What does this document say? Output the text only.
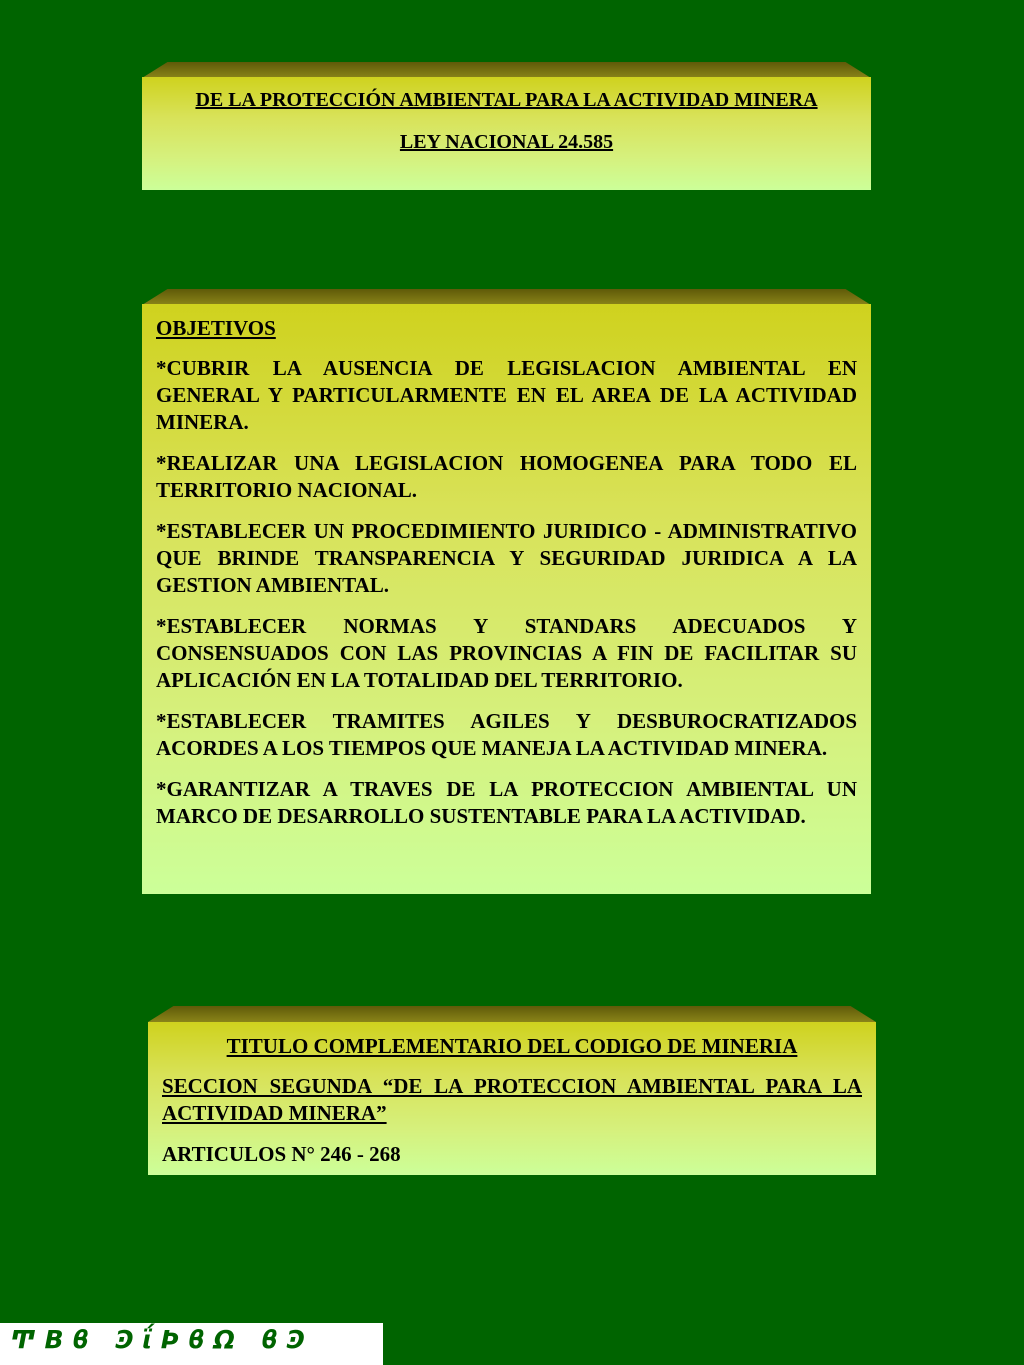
DE LA PROTECCIÓN AMBIENTAL PARA LA ACTIVIDAD MINERA

LEY NACIONAL 24.585

OBJETIVOS

*CUBRIR LA AUSENCIA DE LEGISLACION AMBIENTAL EN GENERAL Y PARTICULARMENTE EN EL AREA DE LA ACTIVIDAD MINERA.

*REALIZAR UNA LEGISLACION HOMOGENEA PARA TODO EL TERRITORIO NACIONAL.

*ESTABLECER UN PROCEDIMIENTO JURIDICO - ADMINISTRATIVO QUE BRINDE TRANSPARENCIA Y SEGURIDAD JURIDICA A LA GESTION AMBIENTAL.

*ESTABLECER NORMAS Y STANDARS ADECUADOS Y CONSENSUADOS CON LAS PROVINCIAS A FIN DE FACILITAR SU APLICACIÓN EN LA TOTALIDAD DEL TERRITORIO.

*ESTABLECER TRAMITES AGILES Y DESBUROCRATIZADOS ACORDES A LOS TIEMPOS QUE MANEJA LA ACTIVIDAD MINERA.

*GARANTIZAR A TRAVES DE LA PROTECCION AMBIENTAL UN MARCO DE DESARROLLO SUSTENTABLE PARA LA ACTIVIDAD.

TITULO COMPLEMENTARIO DEL CODIGO DE MINERIA

SECCION SEGUNDA “DE LA PROTECCION AMBIENTAL PARA LA ACTIVIDAD MINERA”

ARTICULOS N° 246 - 268

ͲΒϐ ϿΐϷϐΩ ϐϿ
